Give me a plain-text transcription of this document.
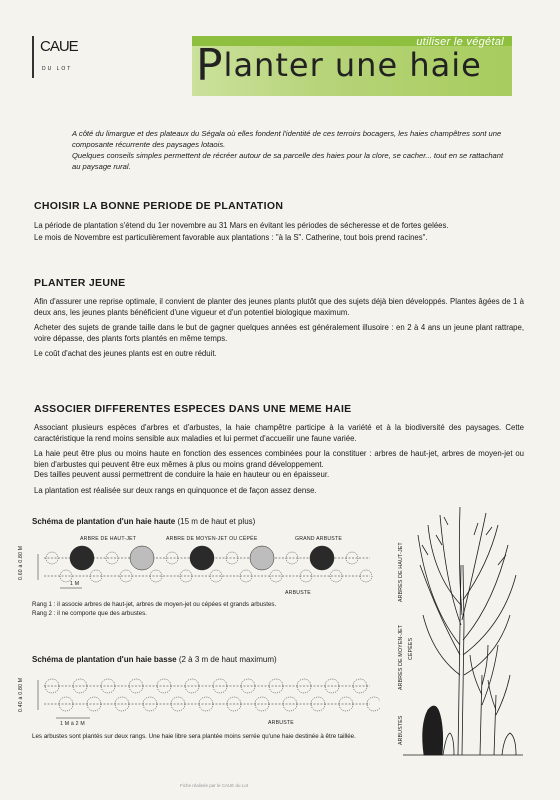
CAUE
DU LOT
utiliser le végétal
Planter une haie

A côté du limargue et des plateaux du Ségala où elles fondent l'identité de ces terroirs bocagers, les haies champêtres sont une composante récurrente des paysages lotaois.

Quelques conseils simples permettent de récréer autour de sa parcelle des haies pour la clore, se cacher... tout en se rattachant au paysage rural.

CHOISIR LA BONNE PERIODE DE PLANTATION

La période de plantation s'étend du 1er novembre au 31 Mars en évitant les périodes de sécheresse et de fortes gelées.

Le mois de Novembre est particulièrement favorable aux plantations : "à la S". Catherine, tout bois prend racines".

PLANTER JEUNE

Afin d'assurer une reprise optimale, il convient de planter des jeunes plants plutôt que des sujets déjà bien développés. Plantes âgées de 1 à deux ans, les jeunes plants bénéficient d'une vigueur et d'un potentiel biologique maximum.

Acheter des sujets de grande taille dans le but de gagner quelques années est généralement illusoire : en 2 à 4 ans un jeune plant rattrape, voire dépasse, des plants forts plantés en même temps.

Le coût d'achat des jeunes plants est en outre réduit.

ASSOCIER DIFFERENTES ESPECES DANS UNE MEME HAIE

Associant plusieurs espèces d'arbres et d'arbustes, la haie champêtre participe à la variété et à la biodiversité des paysages. Cette caractéristique la rend moins sensible aux maladies et lui permet d'accueilir une faune variée.

La haie peut être plus ou moins haute en fonction des essences combinées pour la constituer : arbres de haut-jet, arbres de moyen-jet ou bien d'arbustes qui peuvent être eux mêmes à plus ou moins grand développement.

Des tailles peuvent aussi permettrent de conduire la haie en hauteur ou en épaisseur.

La plantation est réalisée sur deux rangs en quinquonce et de façon assez dense.

Schéma de plantation d'un haie haute (15 m de haut et plus)
ARBRE DE HAUT-JET	ARBRE DE MOYEN-JET OU CÉPÉE	GRAND ARBUSTE
ARBUSTE
0.60 à 0.80 M
1 M
Rang 1 : il associe arbres de haut-jet, arbres de moyen-jet ou cépées et grands arbustes.
Rang 2 : il ne comporte que des arbustes.
Schéma de plantation d'un haie basse (2 à 3 m de haut maximum)
ARBUSTE
0.40 à 0.80 M
1 M à 2 M
Les arbustes sont plantés sur deux rangs. Une haie libre sera plantée moins serrée qu'une haie destinée à être taillée.
ARBRES DE HAUT-JET
ARBRES DE MOYEN-JET CÉPÉES
ARBUSTES
Fiche réalisée par le CAUE du Lot
